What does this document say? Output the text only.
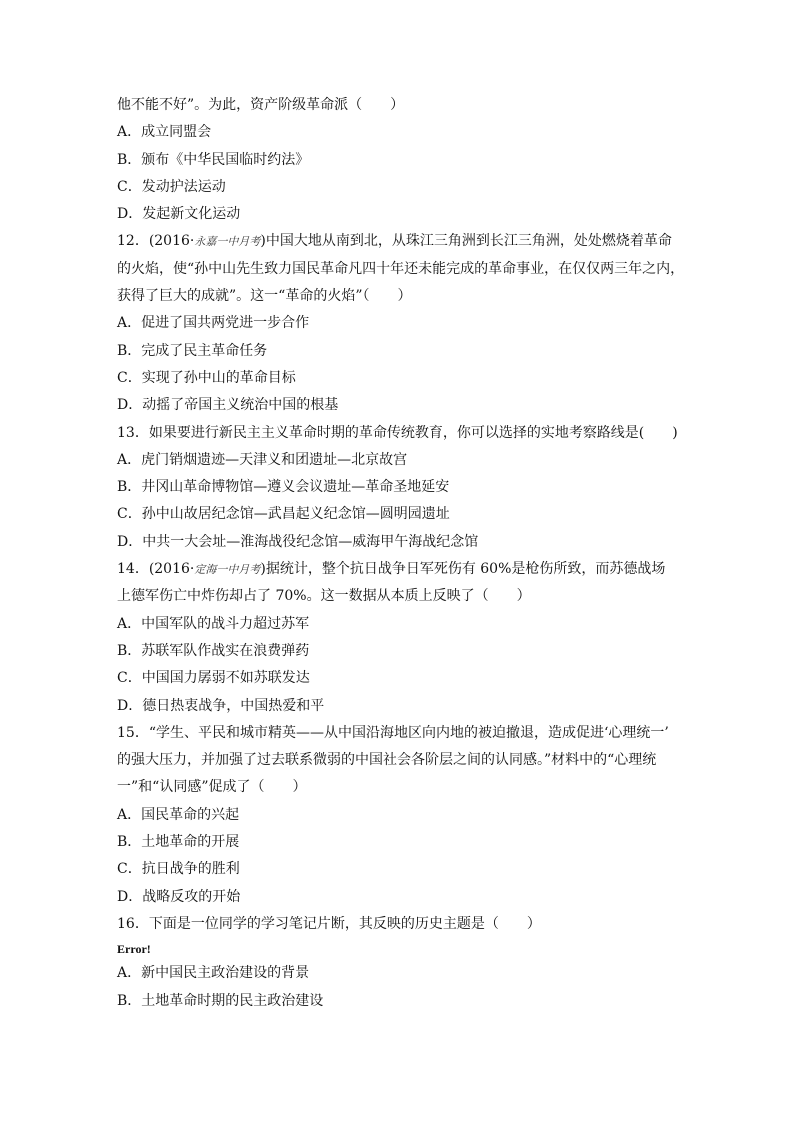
他不能不好”。为此，资产阶级革命派（　　）
A．成立同盟会
B．颁布《中华民国临时约法》
C．发动护法运动
D．发起新文化运动
12．(2016·永嘉一中月考)中国大地从南到北，从珠江三角洲到长江三角洲，处处燃烧着革命
的火焰，使“孙中山先生致力国民革命凡四十年还未能完成的革命事业，在仅仅两三年之内，
获得了巨大的成就”。这一“革命的火焰”（　　）
A．促进了国共两党进一步合作
B．完成了民主革命任务
C．实现了孙中山的革命目标
D．动摇了帝国主义统治中国的根基
13．如果要进行新民主主义革命时期的革命传统教育，你可以选择的实地考察路线是(　　)
A．虎门销烟遗迹—天津义和团遗址—北京故宫
B．井冈山革命博物馆—遵义会议遗址—革命圣地延安
C．孙中山故居纪念馆—武昌起义纪念馆—圆明园遗址
D．中共一大会址—淮海战役纪念馆—威海甲午海战纪念馆
14．(2016·定海一中月考)据统计，整个抗日战争日军死伤有 60%是枪伤所致，而苏德战场
上德军伤亡中炸伤却占了 70%。这一数据从本质上反映了（　　）
A．中国军队的战斗力超过苏军
B．苏联军队作战实在浪费弹药
C．中国国力孱弱不如苏联发达
D．德日热衷战争，中国热爱和平
15．“学生、平民和城市精英——从中国沿海地区向内地的被迫撤退，造成促进‘心理统一’
的强大压力，并加强了过去联系微弱的中国社会各阶层之间的认同感。”材料中的“心理统
一”和“认同感”促成了（　　）
A．国民革命的兴起
B．土地革命的开展
C．抗日战争的胜利
D．战略反攻的开始
16．下面是一位同学的学习笔记片断，其反映的历史主题是（　　）
Error!
A．新中国民主政治建设的背景
B．土地革命时期的民主政治建设
